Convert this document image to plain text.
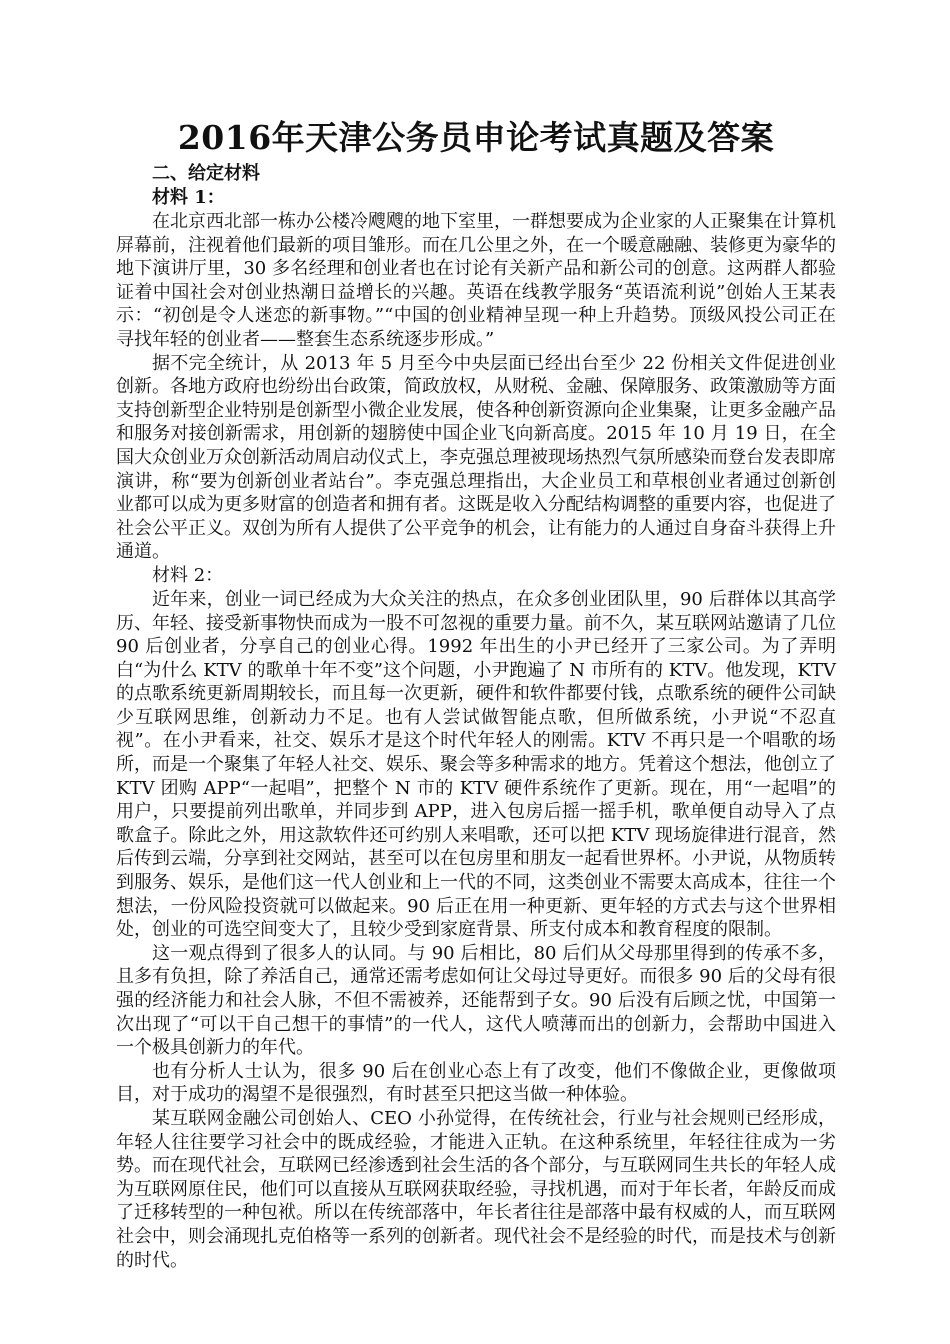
2016年天津公务员申论考试真题及答案
二、给定材料
材料 1：

在北京西北部一栋办公楼冷飕飕的地下室里，一群想要成为企业家的人正聚集在计算机屏幕前，注视着他们最新的项目雏形。而在几公里之外，在一个暖意融融、装修更为豪华的地下演讲厅里，30 多名经理和创业者也在讨论有关新产品和新公司的创意。这两群人都验证着中国社会对创业热潮日益增长的兴趣。英语在线教学服务“英语流利说”创始人王某表示：“初创是令人迷恋的新事物。”“中国的创业精神呈现一种上升趋势。顶级风投公司正在寻找年轻的创业者——整套生态系统逐步形成。”

据不完全统计，从 2013 年 5 月至今中央层面已经出台至少 22 份相关文件促进创业创新。各地方政府也纷纷出台政策，简政放权，从财税、金融、保障服务、政策激励等方面支持创新型企业特别是创新型小微企业发展，使各种创新资源向企业集聚，让更多金融产品和服务对接创新需求，用创新的翅膀使中国企业飞向新高度。2015 年 10 月 19 日，在全国大众创业万众创新活动周启动仪式上，李克强总理被现场热烈气氛所感染而登台发表即席演讲，称“要为创新创业者站台”。李克强总理指出，大企业员工和草根创业者通过创新创业都可以成为更多财富的创造者和拥有者。这既是收入分配结构调整的重要内容，也促进了社会公平正义。双创为所有人提供了公平竞争的机会，让有能力的人通过自身奋斗获得上升通道。

材料 2：

近年来，创业一词已经成为大众关注的热点，在众多创业团队里，90 后群体以其高学历、年轻、接受新事物快而成为一股不可忽视的重要力量。前不久，某互联网站邀请了几位 90 后创业者，分享自己的创业心得。1992 年出生的小尹已经开了三家公司。为了弄明白“为什么 KTV 的歌单十年不变”这个问题，小尹跑遍了 N 市所有的 KTV。他发现，KTV 的点歌系统更新周期较长，而且每一次更新，硬件和软件都要付钱，点歌系统的硬件公司缺少互联网思维，创新动力不足。也有人尝试做智能点歌，但所做系统，小尹说“不忍直视”。在小尹看来，社交、娱乐才是这个时代年轻人的刚需。KTV 不再只是一个唱歌的场所，而是一个聚集了年轻人社交、娱乐、聚会等多种需求的地方。凭着这个想法，他创立了 KTV 团购 APP“一起唱”，把整个 N 市的 KTV 硬件系统作了更新。现在，用“一起唱”的用户，只要提前列出歌单，并同步到 APP，进入包房后摇一摇手机，歌单便自动导入了点歌盒子。除此之外，用这款软件还可约别人来唱歌，还可以把 KTV 现场旋律进行混音，然后传到云端，分享到社交网站，甚至可以在包房里和朋友一起看世界杯。小尹说，从物质转到服务、娱乐，是他们这一代人创业和上一代的不同，这类创业不需要太高成本，往往一个想法，一份风险投资就可以做起来。90 后正在用一种更新、更年轻的方式去与这个世界相处，创业的可选空间变大了，且较少受到家庭背景、所支付成本和教育程度的限制。

这一观点得到了很多人的认同。与 90 后相比，80 后们从父母那里得到的传承不多，且多有负担，除了养活自己，通常还需考虑如何让父母过导更好。而很多 90 后的父母有很强的经济能力和社会人脉，不但不需被养，还能帮到子女。90 后没有后顾之忧，中国第一次出现了“可以干自己想干的事情”的一代人，这代人喷薄而出的创新力，会帮助中国进入一个极具创新力的年代。

也有分析人士认为，很多 90 后在创业心态上有了改变，他们不像做企业，更像做项目，对于成功的渴望不是很强烈，有时甚至只把这当做一种体验。

某互联网金融公司创始人、CEO 小孙觉得，在传统社会，行业与社会规则已经形成，年轻人往往要学习社会中的既成经验，才能进入正轨。在这种系统里，年轻往往成为一劣势。而在现代社会，互联网已经渗透到社会生活的各个部分，与互联网同生共长的年轻人成为互联网原住民，他们可以直接从互联网获取经验，寻找机遇，而对于年长者，年龄反而成了迁移转型的一种包袱。所以在传统部落中，年长者往往是部落中最有权威的人，而互联网社会中，则会涌现扎克伯格等一系列的创新者。现代社会不是经验的时代，而是技术与创新的时代。
